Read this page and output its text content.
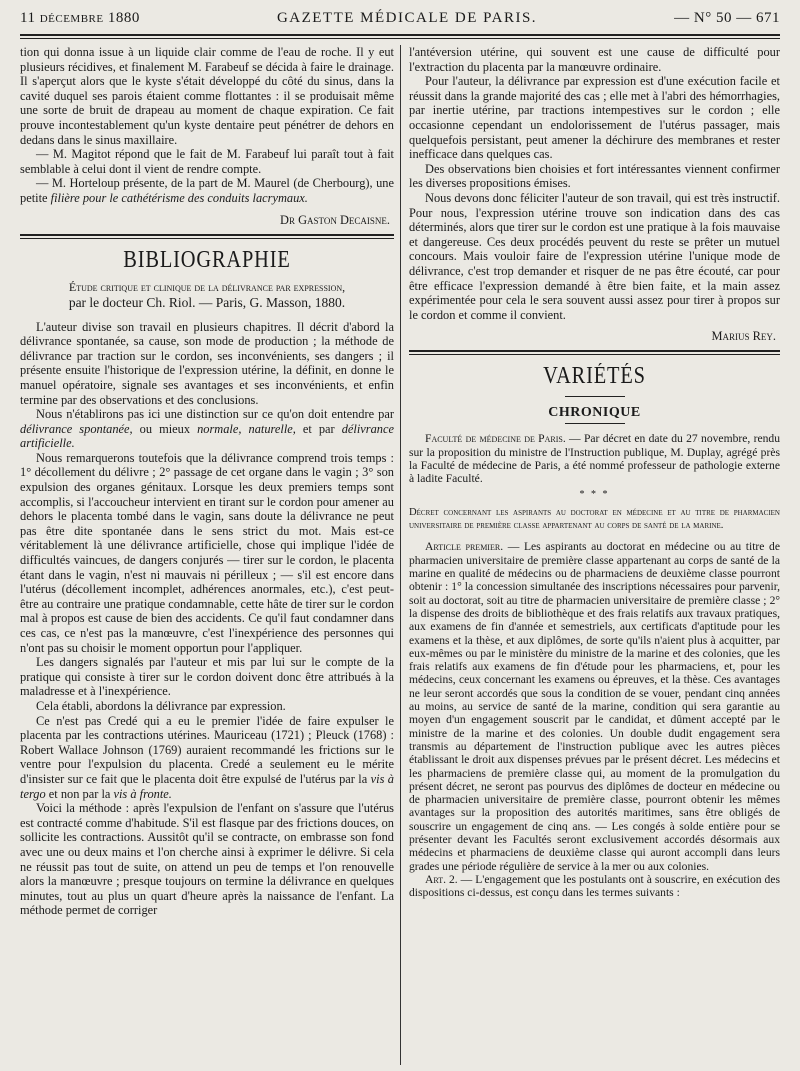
11 décembre 1880	GAZETTE MÉDICALE DE PARIS.	— N° 50 — 671

tion qui donna issue à un liquide clair comme de l'eau de roche. Il y eut plusieurs récidives, et finalement M. Farabeuf se décida à faire le drainage. Il s'aperçut alors que le kyste s'était développé du côté du sinus, dans la cavité duquel ses parois étaient comme flottantes : il se produisait même une sorte de bruit de drapeau au moment de chaque expiration. Ce fait prouve incontestablement qu'un kyste dentaire peut pénétrer de dehors en dedans dans le sinus maxillaire.

— M. Magitot répond que le fait de M. Farabeuf lui paraît tout à fait semblable à celui dont il vient de rendre compte.

— M. Horteloup présente, de la part de M. Maurel (de Cherbourg), une petite filière pour le cathétérisme des conduits lacrymaux.

Dr Gaston Decaisne.
BIBLIOGRAPHIE
Étude critique et clinique de la délivrance par expression,
par le docteur Ch. Riol. — Paris, G. Masson, 1880.

L'auteur divise son travail en plusieurs chapitres. Il décrit d'abord la délivrance spontanée, sa cause, son mode de production ; la méthode de délivrance par traction sur le cordon, ses inconvénients, ses dangers ; il présente ensuite l'historique de l'expression utérine, la définit, en donne le manuel opératoire, signale ses avantages et ses inconvénients, et enfin termine par des observations et des conclusions.

Nous n'établirons pas ici une distinction sur ce qu'on doit entendre par délivrance spontanée, ou mieux normale, naturelle, et par délivrance artificielle.

Nous remarquerons toutefois que la délivrance comprend trois temps : 1° décollement du délivre ; 2° passage de cet organe dans le vagin ; 3° son expulsion des organes génitaux. Lorsque les deux premiers temps sont accomplis, si l'accoucheur intervient en tirant sur le cordon pour amener au dehors le placenta tombé dans le vagin, sans doute la délivrance ne peut pas être dite spontanée dans le sens strict du mot. Mais est-ce véritablement là une délivrance artificielle, chose qui implique l'idée de difficultés vaincues, de dangers conjurés — tirer sur le cordon, le placenta étant dans le vagin, n'est ni mauvais ni périlleux ; — s'il est encore dans l'utérus (décollement incomplet, adhérences anormales, etc.), c'est peut-être au contraire une pratique condamnable, cette hâte de tirer sur le cordon mal à propos est cause de bien des accidents. Ce qu'il faut condamner dans ces cas, ce n'est pas la manœuvre, c'est l'inexpérience des personnes qui n'ont pas su choisir le moment opportun pour l'appliquer.

Les dangers signalés par l'auteur et mis par lui sur le compte de la pratique qui consiste à tirer sur le cordon doivent donc être attribués à la maladresse et à l'inexpérience.

Cela établi, abordons la délivrance par expression.

Ce n'est pas Credé qui a eu le premier l'idée de faire expulser le placenta par les contractions utérines. Mauriceau (1721) ; Pleuck (1768) : Robert Wallace Johnson (1769) auraient recommandé les frictions sur le ventre pour l'expulsion du placenta. Credé a seulement eu le mérite d'insister sur ce fait que le placenta doit être expulsé de l'utérus par la vis à tergo et non par la vis à fronte.

Voici la méthode : après l'expulsion de l'enfant on s'assure que l'utérus est contracté comme d'habitude. S'il est flasque par des frictions douces, on sollicite les contractions. Aussitôt qu'il se contracte, on embrasse son fond avec une ou deux mains et l'on cherche ainsi à exprimer le délivre. Si cela ne réussit pas tout de suite, on attend un peu de temps et l'on renouvelle alors la manœuvre ; presque toujours on termine la délivrance en quelques minutes, tout au plus un quart d'heure après la naissance de l'enfant. La méthode permet de corriger

l'antéversion utérine, qui souvent est une cause de difficulté pour l'extraction du placenta par la manœuvre ordinaire.

Pour l'auteur, la délivrance par expression est d'une exécution facile et réussit dans la grande majorité des cas ; elle met à l'abri des hémorrhagies, par inertie utérine, par tractions intempestives sur le cordon ; elle occasionne cependant un endolorissement de l'utérus passager, mais quelquefois persistant, peut amener la déchirure des membranes et rester inefficace dans quelques cas.

Des observations bien choisies et fort intéressantes viennent confirmer les diverses propositions émises.

Nous devons donc féliciter l'auteur de son travail, qui est très instructif. Pour nous, l'expression utérine trouve son indication dans des cas déterminés, alors que tirer sur le cordon est une pratique à la fois mauvaise et dangereuse. Ces deux procédés peuvent du reste se prêter un mutuel concours. Mais vouloir faire de l'expression utérine l'unique mode de délivrance, c'est trop demander et risquer de ne pas être écouté, car pour être efficace l'expression demandé à être bien faite, et la main assez expérimentée pour cela le sera souvent aussi assez pour tirer à propos sur le cordon et comme il convient.

Marius Rey.
VARIÉTÉS
CHRONIQUE

Faculté de médecine de Paris. — Par décret en date du 27 novembre, rendu sur la proposition du ministre de l'Instruction publique, M. Duplay, agrégé près la Faculté de médecine de Paris, a été nommé professeur de pathologie externe à ladite Faculté.

* * *
Décret concernant les aspirants au doctorat en médecine et au titre de pharmacien universitaire de première classe appartenant au corps de santé de la marine.

Article premier. — Les aspirants au doctorat en médecine ou au titre de pharmacien universitaire de première classe appartenant au corps de santé de la marine en qualité de médecins ou de pharmaciens de deuxième classe pourront obtenir : 1° la concession simultanée des inscriptions nécessaires pour parvenir, soit au doctorat, soit au titre de pharmacien universitaire de première classe ; 2° la dispense des droits de bibliothèque et des frais relatifs aux travaux pratiques, aux examens de fin d'année et semestriels, aux certificats d'aptitude pour les examens et la thèse, et aux diplômes, de sorte qu'ils n'aient plus à acquitter, par eux-mêmes ou par le ministère du ministre de la marine et des colonies, que les frais relatifs aux examens de fin d'étude pour les pharmaciens, et, pour les médecins, ceux concernant les examens ou épreuves, et la thèse. Ces avantages ne leur seront accordés que sous la condition de se vouer, pendant cinq années au moins, au service de santé de la marine, condition qui sera garantie au moyen d'un engagement souscrit par le candidat, et dûment accepté par le ministre de la marine et des colonies. Un double dudit engagement sera transmis au département de l'instruction publique avec les autres pièces établissant le droit aux dispenses prévues par le présent décret. Les médecins et les pharmaciens de première classe qui, au moment de la promulgation du présent décret, ne seront pas pourvus des diplômes de docteur en médecine ou de pharmacien universitaire de première classe, pourront obtenir les mêmes avantages sur la proposition des autorités maritimes, sans être obligés de souscrire un engagement de cinq ans. — Les congés à solde entière pour se présenter devant les Facultés seront exclusivement accordés désormais aux médecins et pharmaciens de deuxième classe qui auront accompli dans leurs grades une période régulière de service à la mer ou aux colonies.

Art. 2. — L'engagement que les postulants ont à souscrire, en exécution des dispositions ci-dessus, est conçu dans les termes suivants :
